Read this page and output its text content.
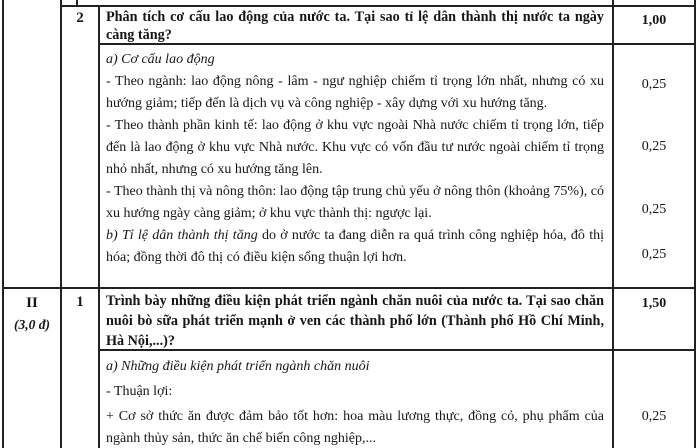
2	Phân tích cơ cấu lao động của nước ta. Tại sao tỉ lệ dân thành thị nước ta ngày càng tăng?
1,00

a) Cơ cấu lao động

- Theo ngành: lao động nông - lâm - ngư nghiệp chiếm tỉ trọng lớn nhất, nhưng có xu hướng giảm; tiếp đến là dịch vụ và công nghiệp - xây dựng với xu hướng tăng.

- Theo thành phần kinh tế: lao động ở khu vực ngoài Nhà nước chiếm tỉ trọng lớn, tiếp đến là lao động ở khu vực Nhà nước. Khu vực có vốn đầu tư nước ngoài chiếm tỉ trọng nhỏ nhất, nhưng có xu hướng tăng lên.

- Theo thành thị và nông thôn: lao động tập trung chủ yếu ở nông thôn (khoảng 75%), có xu hướng ngày càng giảm; ở khu vực thành thị: ngược lại.

b) Tỉ lệ dân thành thị tăng do ở nước ta đang diễn ra quá trình công nghiệp hóa, đô thị hóa; đồng thời đô thị có điều kiện sống thuận lợi hơn.

0,25
0,25
0,25
0,25
II
(3,0 đ)
1	Trình bày những điều kiện phát triển ngành chăn nuôi của nước ta. Tại sao chăn nuôi bò sữa phát triển mạnh ở ven các thành phố lớn (Thành phố Hồ Chí Minh, Hà Nội,...)?
1,50

a) Những điều kiện phát triển ngành chăn nuôi

- Thuận lợi:

+ Cơ sở thức ăn được đảm bảo tốt hơn: hoa màu lương thực, đồng cỏ, phụ phẩm của ngành thủy sản, thức ăn chế biến công nghiệp,...

0,25
